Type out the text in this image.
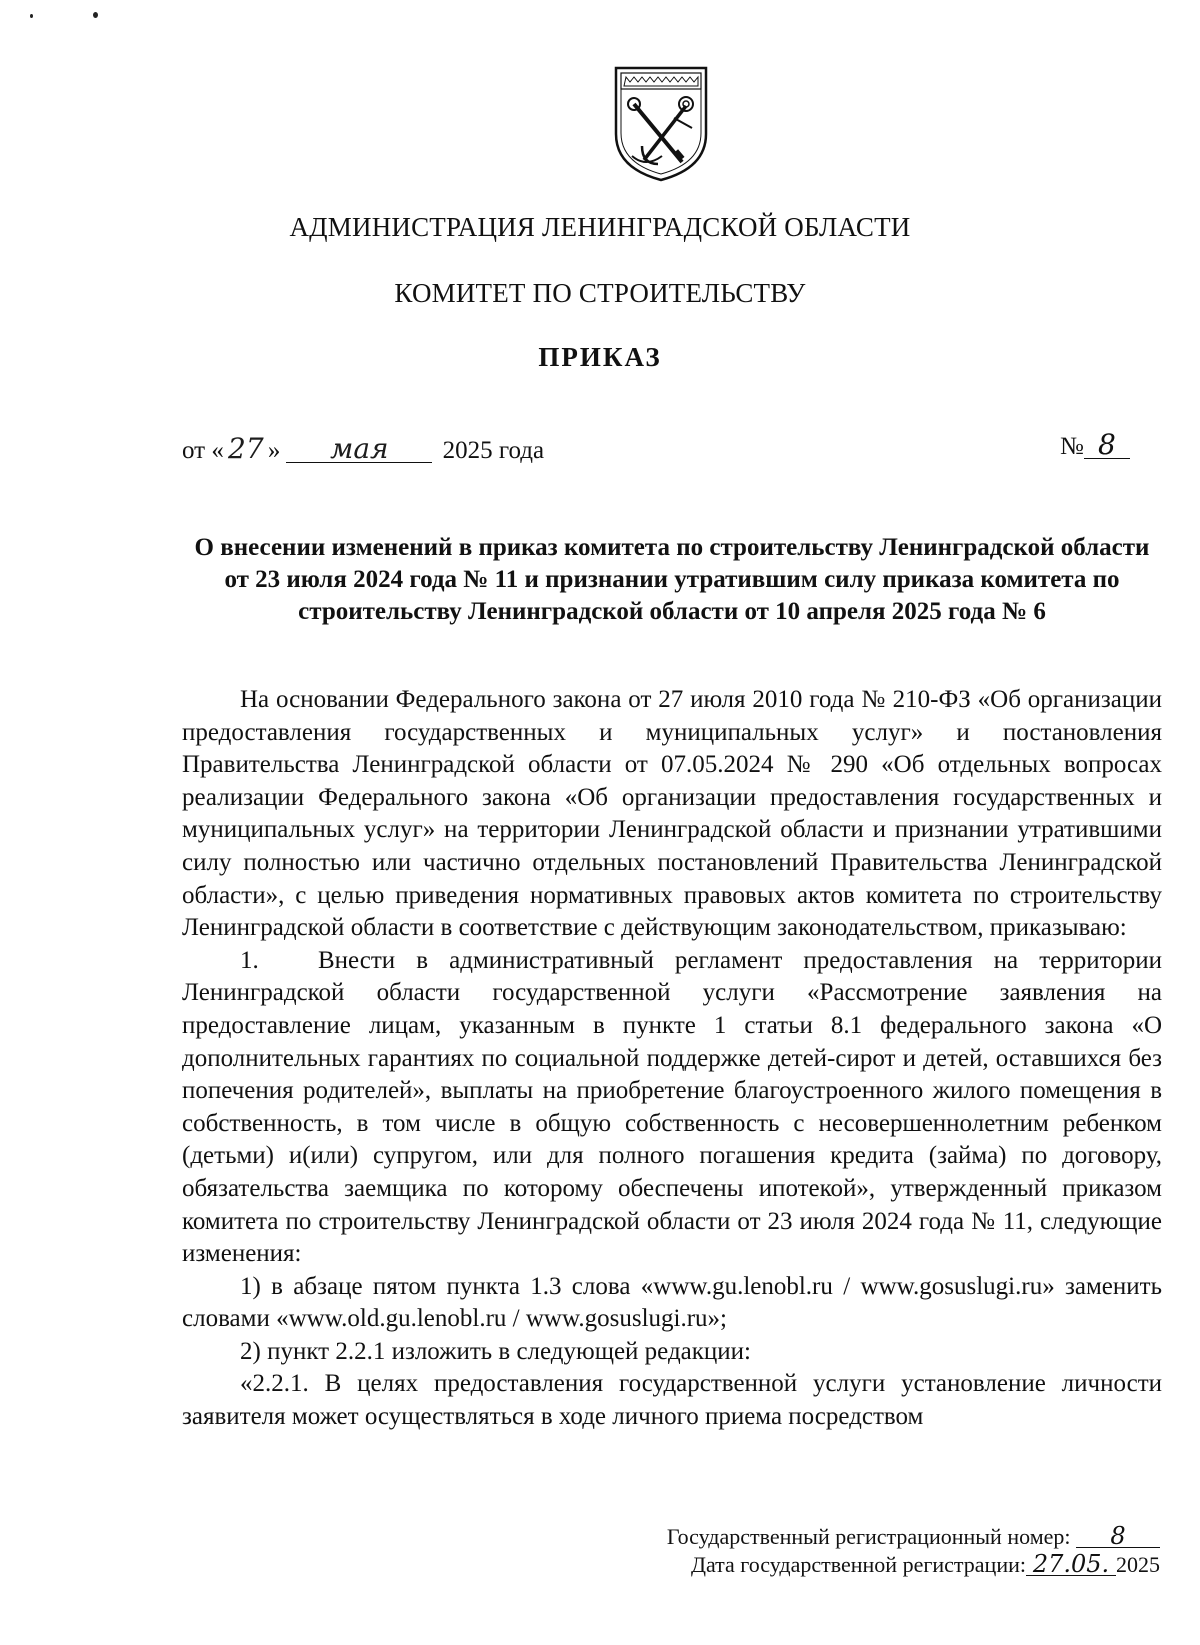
АДМИНИСТРАЦИЯ ЛЕНИНГРАДСКОЙ ОБЛАСТИ
КОМИТЕТ ПО СТРОИТЕЛЬСТВУ
ПРИКАЗ
от « 27 » мая 2025 года	№ 8
О внесении изменений в приказ комитета по строительству Ленинградской области от 23 июля 2024 года № 11 и признании утратившим силу приказа комитета по строительству Ленинградской области от 10 апреля 2025 года № 6

На основании Федерального закона от 27 июля 2010 года № 210-ФЗ «Об организации предоставления государственных и муниципальных услуг» и постановления Правительства Ленинградской области от 07.05.2024 № 290 «Об отдельных вопросах реализации Федерального закона «Об организации предоставления государственных и муниципальных услуг» на территории Ленинградской области и признании утратившими силу полностью или частично отдельных постановлений Правительства Ленинградской области», с целью приведения нормативных правовых актов комитета по строительству Ленинградской области в соответствие с действующим законодательством, приказываю:

1. Внести в административный регламент предоставления на территории Ленинградской области государственной услуги «Рассмотрение заявления на предоставление лицам, указанным в пункте 1 статьи 8.1 федерального закона «О дополнительных гарантиях по социальной поддержке детей-сирот и детей, оставшихся без попечения родителей», выплаты на приобретение благоустроенного жилого помещения в собственность, в том числе в общую собственность с несовершеннолетним ребенком (детьми) и(или) супругом, или для полного погашения кредита (займа) по договору, обязательства заемщика по которому обеспечены ипотекой», утвержденный приказом комитета по строительству Ленинградской области от 23 июля 2024 года № 11, следующие изменения:

1) в абзаце пятом пункта 1.3 слова «www.gu.lenobl.ru / www.gosuslugi.ru» заменить словами «www.old.gu.lenobl.ru / www.gosuslugi.ru»;

2) пункт 2.2.1 изложить в следующей редакции:

«2.2.1. В целях предоставления государственной услуги установление личности заявителя может осуществляться в ходе личного приема посредством

Государственный регистрационный номер: 8
Дата государственной регистрации: 27.05. 2025
